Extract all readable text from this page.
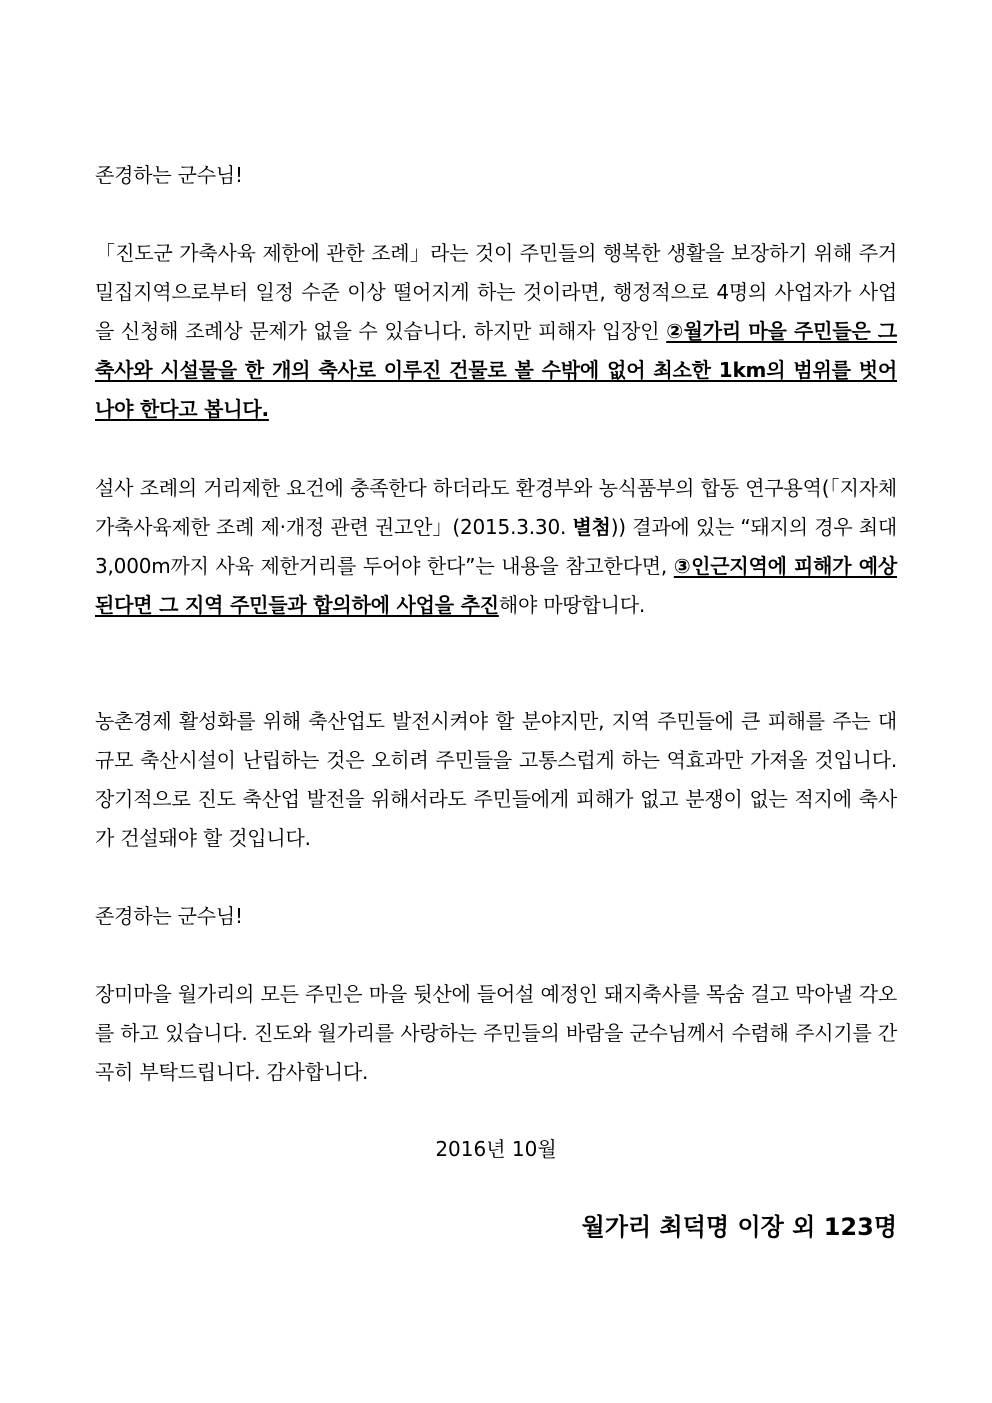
존경하는 군수님!

「진도군 가축사육 제한에 관한 조례」라는 것이 주민들의 행복한 생활을 보장하기 위해 주거 밀집지역으로부터 일정 수준 이상 떨어지게 하는 것이라면, 행정적으로 4명의 사업자가 사업을 신청해 조례상 문제가 없을 수 있습니다. 하지만 피해자 입장인 ②월가리 마을 주민들은 그 축사와 시설물을 한 개의 축사로 이루진 건물로 볼 수밖에 없어 최소한 1km의 범위를 벗어나야 한다고 봅니다.

설사 조례의 거리제한 요건에 충족한다 하더라도 환경부와 농식품부의 합동 연구용역(「지자체 가축사육제한 조례 제·개정 관련 권고안」(2015.3.30. 별첨)) 결과에 있는 “돼지의 경우 최대 3,000m까지 사육 제한거리를 두어야 한다”는 내용을 참고한다면, ③인근지역에 피해가 예상된다면 그 지역 주민들과 합의하에 사업을 추진해야 마땅합니다.

농촌경제 활성화를 위해 축산업도 발전시켜야 할 분야지만, 지역 주민들에 큰 피해를 주는 대규모 축산시설이 난립하는 것은 오히려 주민들을 고통스럽게 하는 역효과만 가져올 것입니다. 장기적으로 진도 축산업 발전을 위해서라도 주민들에게 피해가 없고 분쟁이 없는 적지에 축사가 건설돼야 할 것입니다.

존경하는 군수님!

장미마을 월가리의 모든 주민은 마을 뒷산에 들어설 예정인 돼지축사를 목숨 걸고 막아낼 각오를 하고 있습니다. 진도와 월가리를 사랑하는 주민들의 바람을 군수님께서 수렴해 주시기를 간곡히 부탁드립니다. 감사합니다.

2016년 10월

월가리 최덕명 이장 외 123명
